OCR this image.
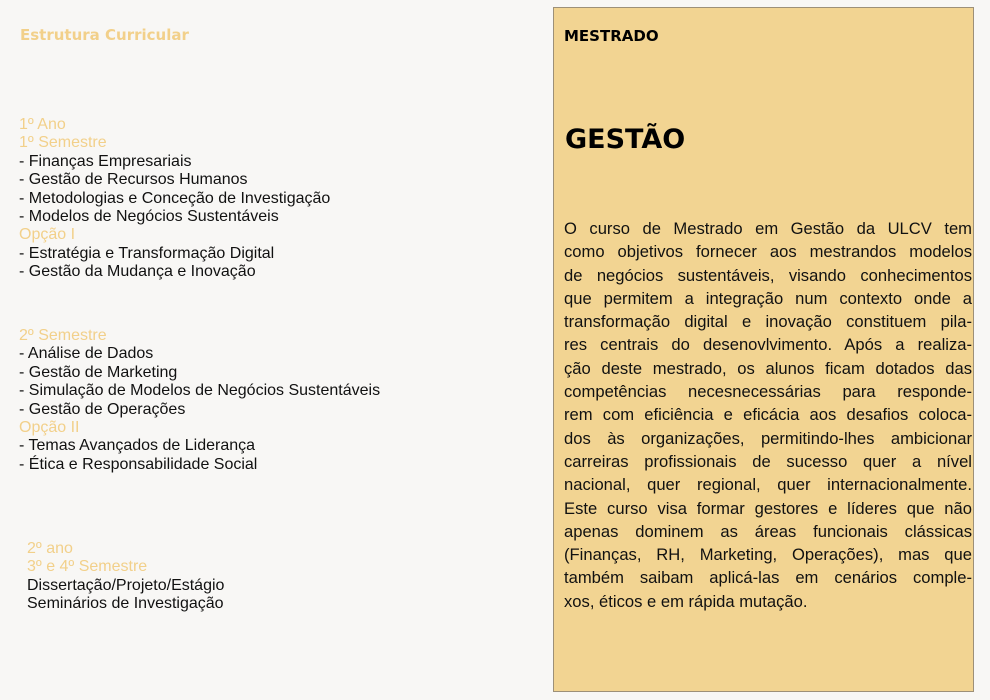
Estrutura Curricular
1º Ano
1º Semestre
- Finanças Empresariais
- Gestão de Recursos Humanos
- Metodologias e Conceção de Investigação
- Modelos de Negócios Sustentáveis
Opção I
- Estratégia e Transformação Digital
- Gestão da Mudança e Inovação
2º Semestre
- Análise de Dados
- Gestão de Marketing
- Simulação de Modelos de Negócios Sustentáveis
- Gestão de Operações
Opção II
- Temas Avançados de Liderança
- Ética e Responsabilidade Social
2º ano
3º e 4º Semestre
Dissertação/Projeto/Estágio
Seminários de Investigação
MESTRADO
GESTÃO
O curso de Mestrado em Gestão da ULCV tem
como objetivos fornecer aos mestrandos modelos
de negócios sustentáveis, visando conhecimentos
que permitem a integração num contexto onde a
transformação digital e inovação constituem pila-
res centrais do desenovlvimento. Após a realiza-
ção deste mestrado, os alunos ficam dotados das
competências necesnecessárias para responde-
rem com eficiência e eficácia aos desafios coloca-
dos às organizações, permitindo-lhes ambicionar
carreiras profissionais de sucesso quer a nível
nacional, quer regional, quer internacionalmente.
Este curso visa formar gestores e líderes que não
apenas dominem as áreas funcionais clássicas
(Finanças, RH, Marketing, Operações), mas que
também saibam aplicá-las em cenários comple-
xos, éticos e em rápida mutação.
